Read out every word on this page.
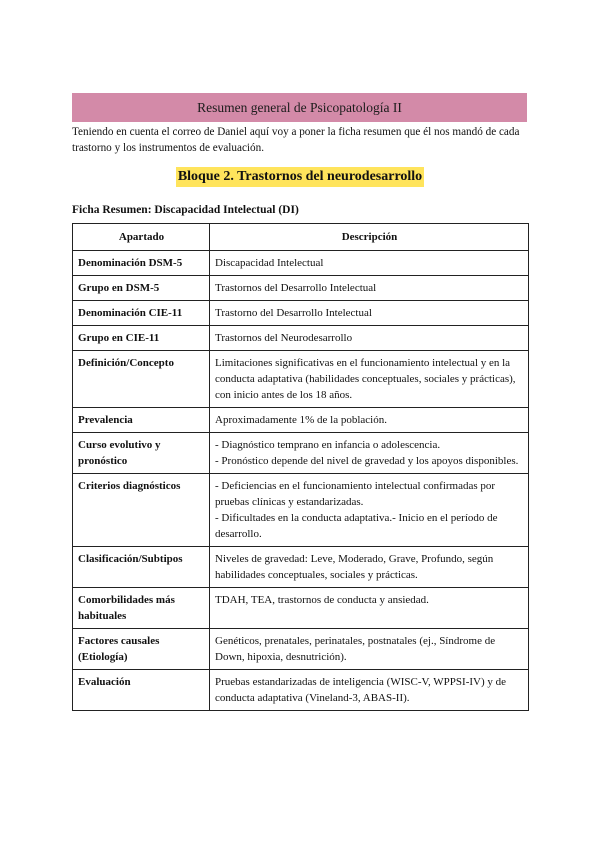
Resumen general de Psicopatología II

Teniendo en cuenta el correo de Daniel aquí voy a poner la ficha resumen que él nos mandó de cada trastorno y los instrumentos de evaluación.

Bloque 2. Trastornos del neurodesarrollo

Ficha Resumen: Discapacidad Intelectual (DI)

Apartado	Descripción
Denominación DSM-5	Discapacidad Intelectual

Grupo en DSM-5	Trastornos del Desarrollo Intelectual

Denominación CIE-11	Trastorno del Desarrollo Intelectual

Grupo en CIE-11	Trastornos del Neurodesarrollo

Definición/Concepto	Limitaciones significativas en el funcionamiento intelectual y en la conducta adaptativa (habilidades conceptuales, sociales y prácticas), con inicio antes de los 18 años.

Prevalencia	Aproximadamente 1% de la población.

Curso evolutivo y pronóstico	- Diagnóstico temprano en infancia o adolescencia.
- Pronóstico depende del nivel de gravedad y los apoyos disponibles.

Criterios diagnósticos	- Deficiencias en el funcionamiento intelectual confirmadas por pruebas clínicas y estandarizadas.
- Dificultades en la conducta adaptativa.- Inicio en el período de desarrollo.

Clasificación/Subtipos	Niveles de gravedad: Leve, Moderado, Grave, Profundo, según habilidades conceptuales, sociales y prácticas.

Comorbilidades más habituales	TDAH, TEA, trastornos de conducta y ansiedad.

Factores causales (Etiología)	Genéticos, prenatales, perinatales, postnatales (ej., Síndrome de Down, hipoxia, desnutrición).

Evaluación	Pruebas estandarizadas de inteligencia (WISC-V, WPPSI-IV) y de conducta adaptativa (Vineland-3, ABAS-II).
